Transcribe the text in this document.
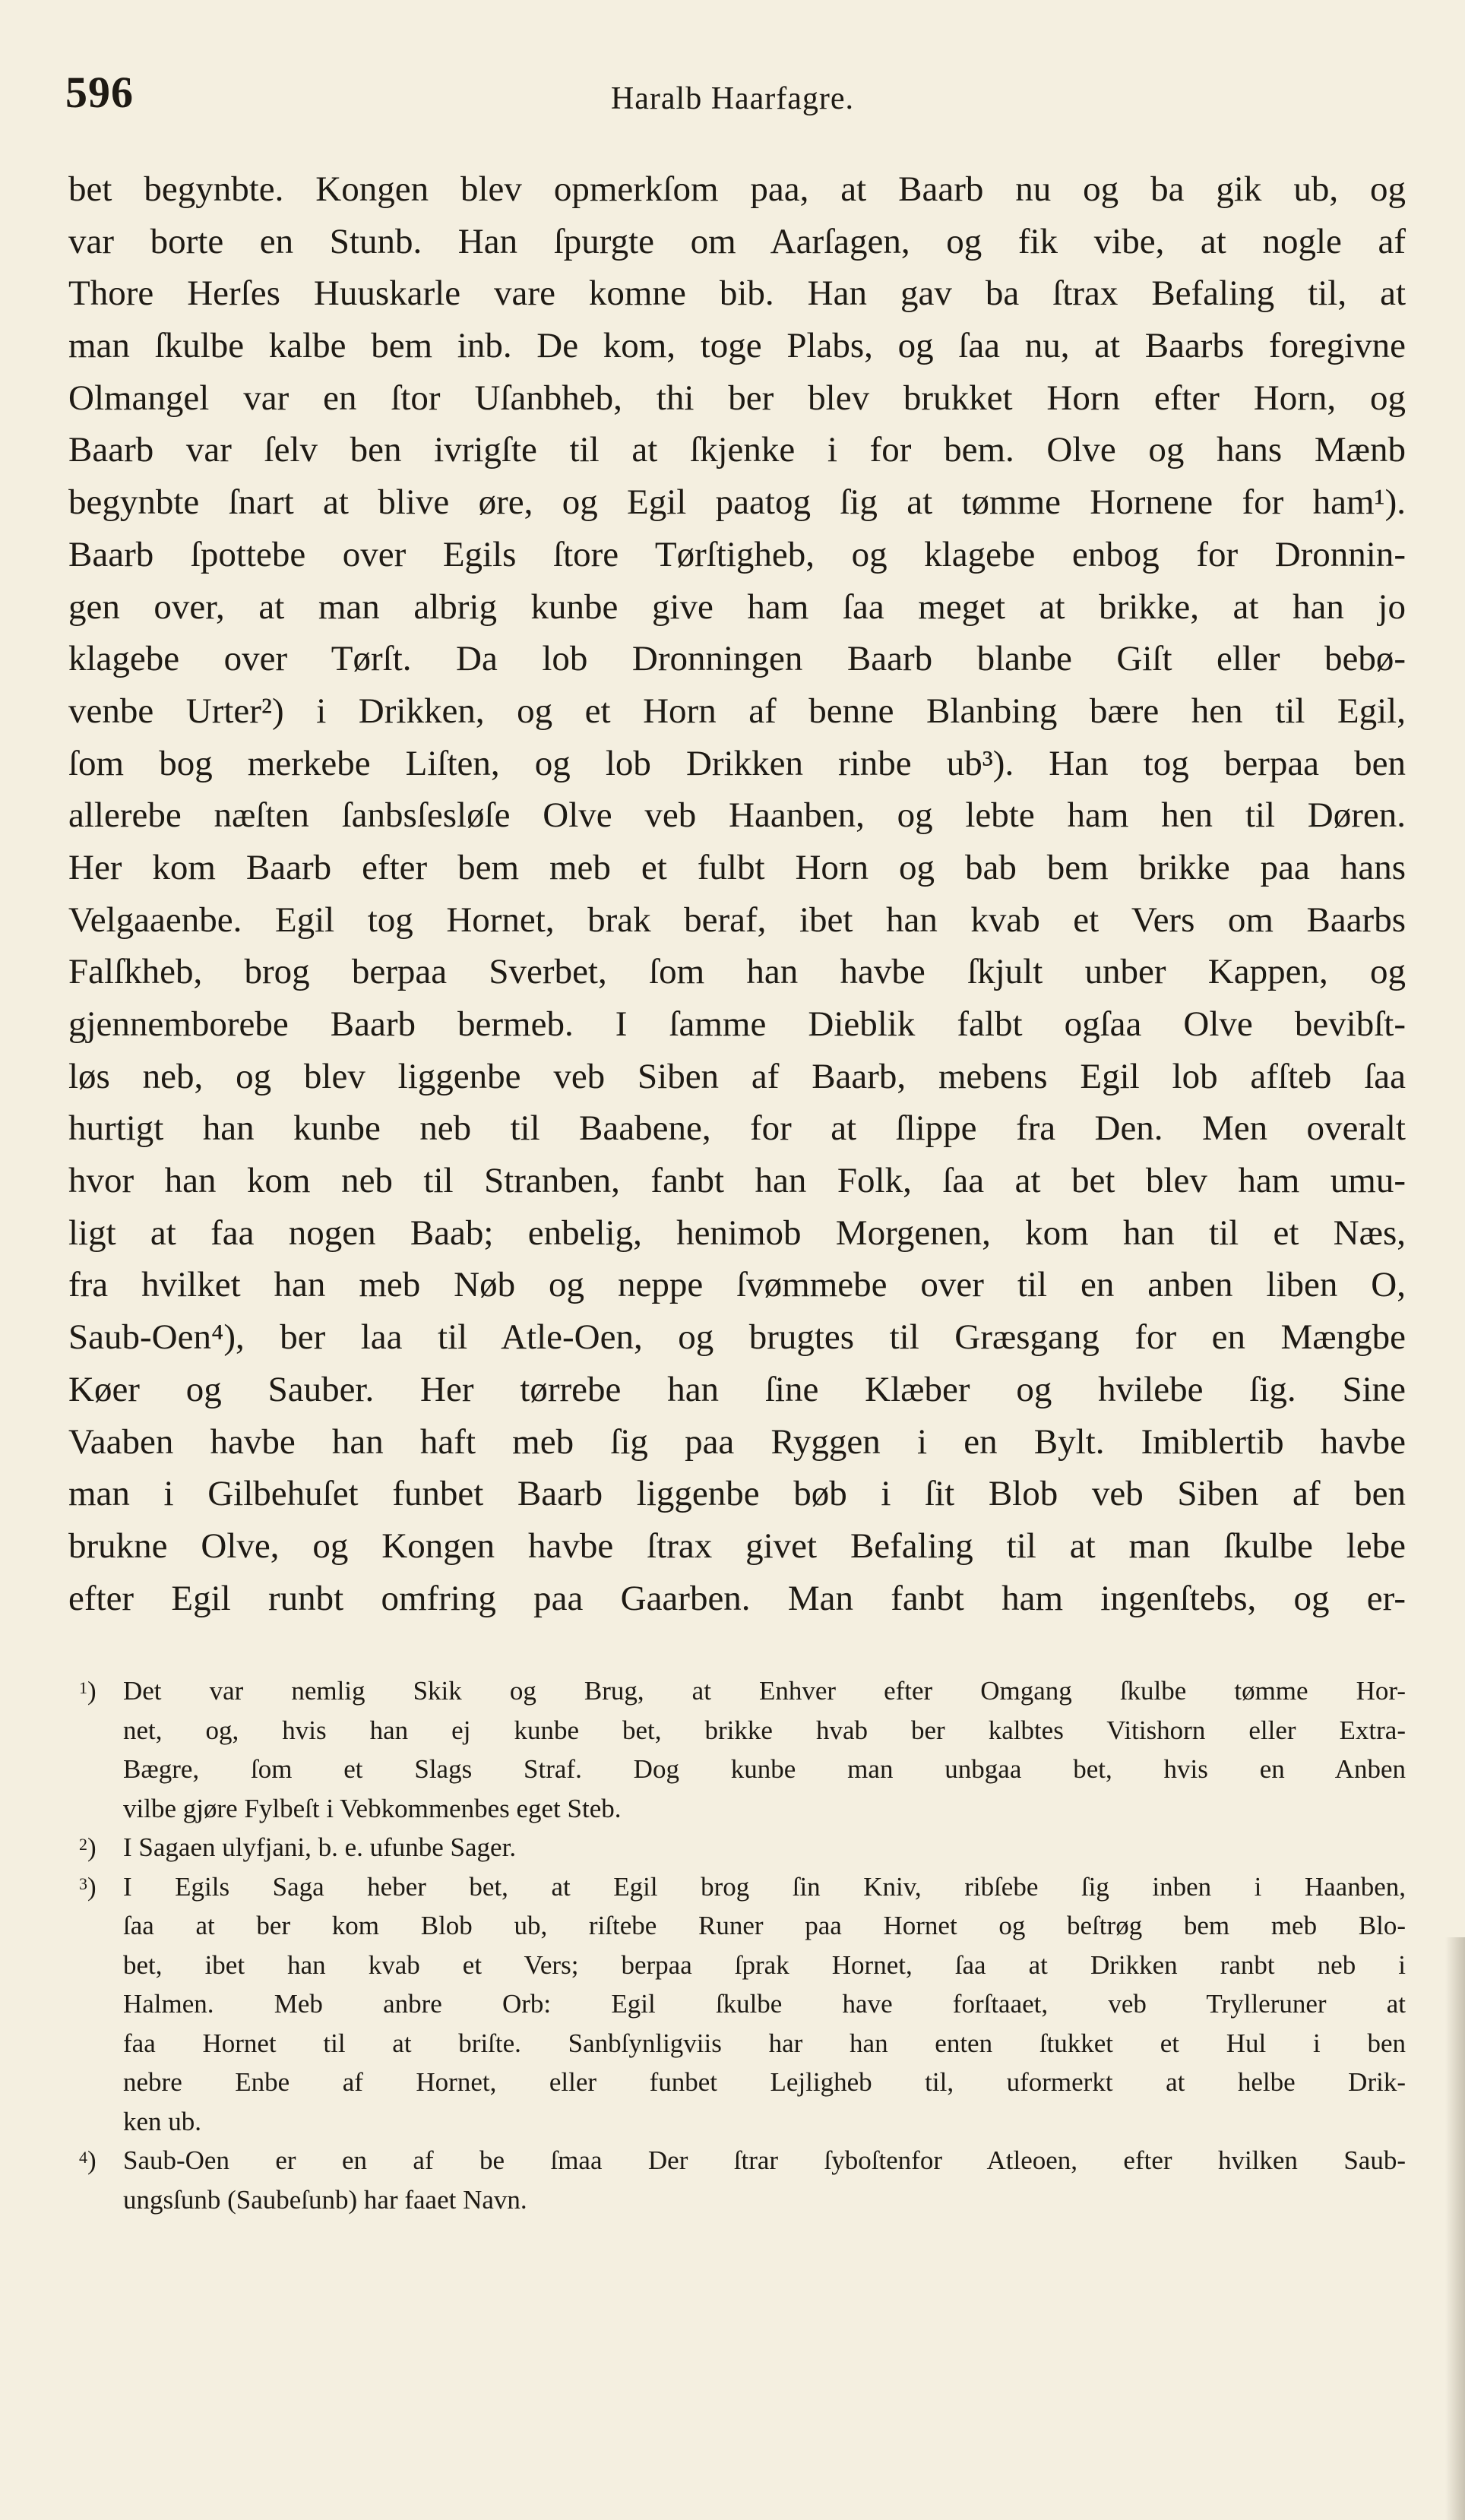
596	Haralb Haarfagre.
bet begynbte. Kongen blev opmerkſom paa, at Baarb nu og ba gik ub, og
var borte en Stunb. Han ſpurgte om Aarſagen, og fik vibe, at nogle af
Thore Herſes Huuskarle vare komne bib. Han gav ba ſtrax Befaling til, at
man ſkulbe kalbe bem inb. De kom, toge Plabs, og ſaa nu, at Baarbs foregivne
Olmangel var en ſtor Uſanbheb, thi ber blev brukket Horn efter Horn, og
Baarb var ſelv ben ivrigſte til at ſkjenke i for bem. Olve og hans Mænb
begynbte ſnart at blive øre, og Egil paatog ſig at tømme Hornene for ham¹).
Baarb ſpottebe over Egils ſtore Tørſtigheb, og klagebe enbog for Dronnin-
gen over, at man albrig kunbe give ham ſaa meget at brikke, at han jo
klagebe over Tørſt. Da lob Dronningen Baarb blanbe Giſt eller bebø-
venbe Urter²) i Drikken, og et Horn af benne Blanbing bære hen til Egil,
ſom bog merkebe Liſten, og lob Drikken rinbe ub³). Han tog berpaa ben
allerebe næſten ſanbsſesløſe Olve veb Haanben, og lebte ham hen til Døren.
Her kom Baarb efter bem meb et fulbt Horn og bab bem brikke paa hans
Velgaaenbe. Egil tog Hornet, brak beraf, ibet han kvab et Vers om Baarbs
Falſkheb, brog berpaa Sverbet, ſom han havbe ſkjult unber Kappen, og
gjennemborebe Baarb bermeb. I ſamme Dieblik falbt ogſaa Olve bevibſt-
løs neb, og blev liggenbe veb Siben af Baarb, mebens Egil lob afſteb ſaa
hurtigt han kunbe neb til Baabene, for at ſlippe fra Den. Men overalt
hvor han kom neb til Stranben, fanbt han Folk, ſaa at bet blev ham umu-
ligt at faa nogen Baab; enbelig, henimob Morgenen, kom han til et Næs,
fra hvilket han meb Nøb og neppe ſvømmebe over til en anben liben O,
Saub-Oen⁴), ber laa til Atle-Oen, og brugtes til Græsgang for en Mængbe
Køer og Sauber. Her tørrebe han ſine Klæber og hvilebe ſig. Sine
Vaaben havbe han haft meb ſig paa Ryggen i en Bylt. Imiblertib havbe
man i Gilbehuſet funbet Baarb liggenbe bøb i ſit Blob veb Siben af ben
brukne Olve, og Kongen havbe ſtrax givet Befaling til at man ſkulbe lebe
efter Egil runbt omfring paa Gaarben. Man fanbt ham ingenſtebs, og er-
$^1$)	Det var nemlig Skik og Brug, at Enhver efter Omgang ſkulbe tømme Hor-
net, og, hvis han ej kunbe bet, brikke hvab ber kalbtes Vitishorn eller Extra-
Bægre, ſom et Slags Straf. Dog kunbe man unbgaa bet, hvis en Anben
vilbe gjøre Fylbeſt i Vebkommenbes eget Steb.
$^2$)	I Sagaen ulyfjani, b. e. ufunbe Sager.
$^3$)	I Egils Saga heber bet, at Egil brog ſin Kniv, ribſebe ſig inben i Haanben,
ſaa at ber kom Blob ub, riſtebe Runer paa Hornet og beſtrøg bem meb Blo-
bet, ibet han kvab et Vers; berpaa ſprak Hornet, ſaa at Drikken ranbt neb i
Halmen. Meb anbre Orb: Egil ſkulbe have forſtaaet, veb Trylleruner at
faa Hornet til at briſte. Sanbſynligviis har han enten ſtukket et Hul i ben
nebre Enbe af Hornet, eller funbet Lejligheb til, uformerkt at helbe Drik-
ken ub.
$^4$)	Saub-Oen er en af be ſmaa Der ſtrar ſyboſtenfor Atleoen, efter hvilken Saub-
ungsſunb (Saubeſunb) har faaet Navn.
